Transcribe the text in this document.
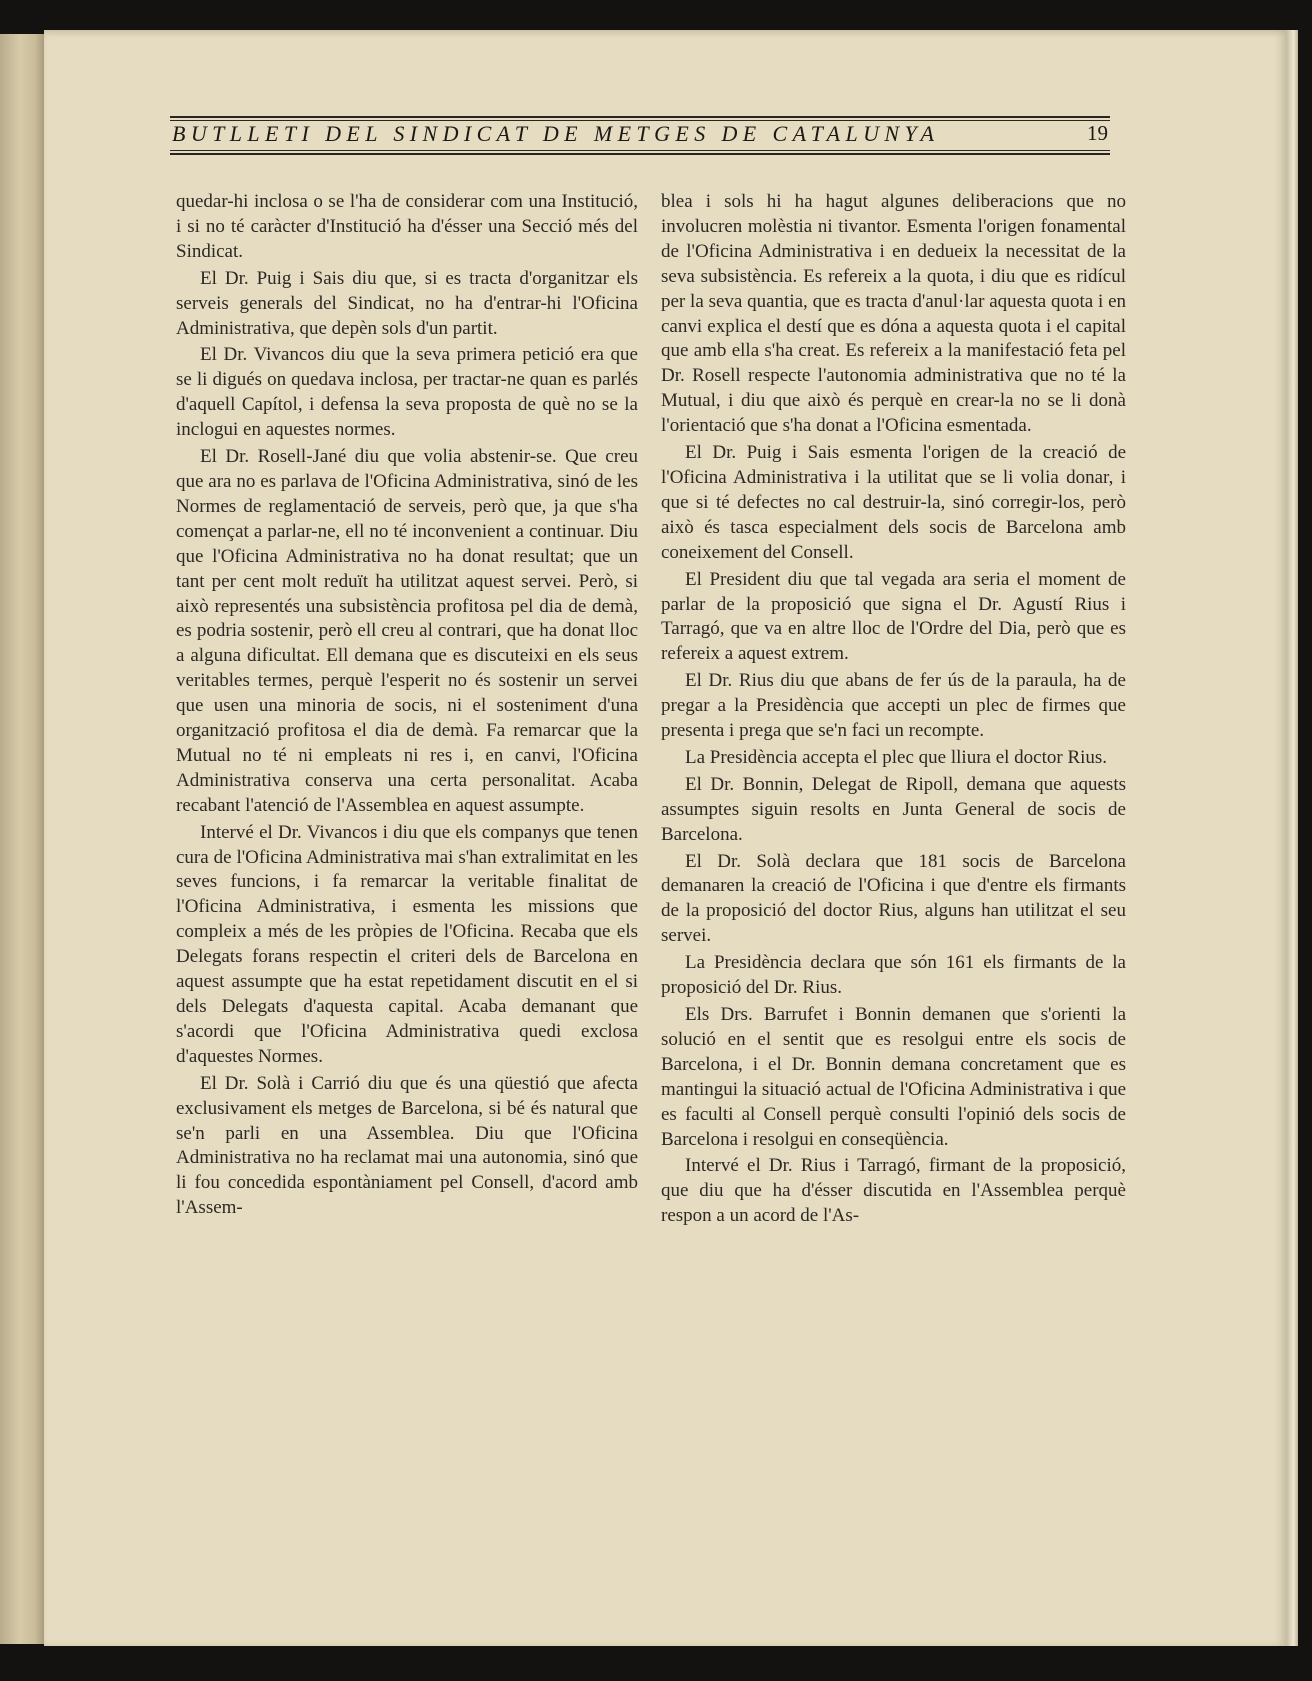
BUTLLETI DEL SINDICAT DE METGES DE CATALUNYA	19

quedar-hi inclosa o se l'ha de considerar com una Institució, i si no té caràcter d'Institució ha d'ésser una Secció més del Sindicat.

El Dr. Puig i Sais diu que, si es tracta d'organitzar els serveis generals del Sindicat, no ha d'entrar-hi l'Oficina Administrativa, que depèn sols d'un partit.

El Dr. Vivancos diu que la seva primera petició era que se li digués on quedava inclosa, per tractar-ne quan es parlés d'aquell Capítol, i defensa la seva proposta de què no se la inclogui en aquestes normes.

El Dr. Rosell-Jané diu que volia abstenir-se. Que creu que ara no es parlava de l'Oficina Administrativa, sinó de les Normes de reglamentació de serveis, però que, ja que s'ha començat a parlar-ne, ell no té inconvenient a continuar. Diu que l'Oficina Administrativa no ha donat resultat; que un tant per cent molt reduït ha utilitzat aquest servei. Però, si això representés una subsistència profitosa pel dia de demà, es podria sostenir, però ell creu al contrari, que ha donat lloc a alguna dificultat. Ell demana que es discuteixi en els seus veritables termes, perquè l'esperit no és sostenir un servei que usen una minoria de socis, ni el sosteniment d'una organització profitosa el dia de demà. Fa remarcar que la Mutual no té ni empleats ni res i, en canvi, l'Oficina Administrativa conserva una certa personalitat. Acaba recabant l'atenció de l'Assemblea en aquest assumpte.

Intervé el Dr. Vivancos i diu que els companys que tenen cura de l'Oficina Administrativa mai s'han extralimitat en les seves funcions, i fa remarcar la veritable finalitat de l'Oficina Administrativa, i esmenta les missions que compleix a més de les pròpies de l'Oficina. Recaba que els Delegats forans respectin el criteri dels de Barcelona en aquest assumpte que ha estat repetidament discutit en el si dels Delegats d'aquesta capital. Acaba demanant que s'acordi que l'Oficina Administrativa quedi exclosa d'aquestes Normes.

El Dr. Solà i Carrió diu que és una qüestió que afecta exclusivament els metges de Barcelona, si bé és natural que se'n parli en una Assemblea. Diu que l'Oficina Administrativa no ha reclamat mai una autonomia, sinó que li fou concedida espontàniament pel Consell, d'acord amb l'Assem-

blea i sols hi ha hagut algunes deliberacions que no involucren molèstia ni tivantor. Esmenta l'origen fonamental de l'Oficina Administrativa i en dedueix la necessitat de la seva subsistència. Es refereix a la quota, i diu que es ridícul per la seva quantia, que es tracta d'anul·lar aquesta quota i en canvi explica el destí que es dóna a aquesta quota i el capital que amb ella s'ha creat. Es refereix a la manifestació feta pel Dr. Rosell respecte l'autonomia administrativa que no té la Mutual, i diu que això és perquè en crear-la no se li donà l'orientació que s'ha donat a l'Oficina esmentada.

El Dr. Puig i Sais esmenta l'origen de la creació de l'Oficina Administrativa i la utilitat que se li volia donar, i que si té defectes no cal destruir-la, sinó corregir-los, però això és tasca especialment dels socis de Barcelona amb coneixement del Consell.

El President diu que tal vegada ara seria el moment de parlar de la proposició que signa el Dr. Agustí Rius i Tarragó, que va en altre lloc de l'Ordre del Dia, però que es refereix a aquest extrem.

El Dr. Rius diu que abans de fer ús de la paraula, ha de pregar a la Presidència que accepti un plec de firmes que presenta i prega que se'n faci un recompte.

La Presidència accepta el plec que lliura el doctor Rius.

El Dr. Bonnin, Delegat de Ripoll, demana que aquests assumptes siguin resolts en Junta General de socis de Barcelona.

El Dr. Solà declara que 181 socis de Barcelona demanaren la creació de l'Oficina i que d'entre els firmants de la proposició del doctor Rius, alguns han utilitzat el seu servei.

La Presidència declara que són 161 els firmants de la proposició del Dr. Rius.

Els Drs. Barrufet i Bonnin demanen que s'orienti la solució en el sentit que es resolgui entre els socis de Barcelona, i el Dr. Bonnin demana concretament que es mantingui la situació actual de l'Oficina Administrativa i que es faculti al Consell perquè consulti l'opinió dels socis de Barcelona i resolgui en conseqüència.

Intervé el Dr. Rius i Tarragó, firmant de la proposició, que diu que ha d'ésser discutida en l'Assemblea perquè respon a un acord de l'As-
